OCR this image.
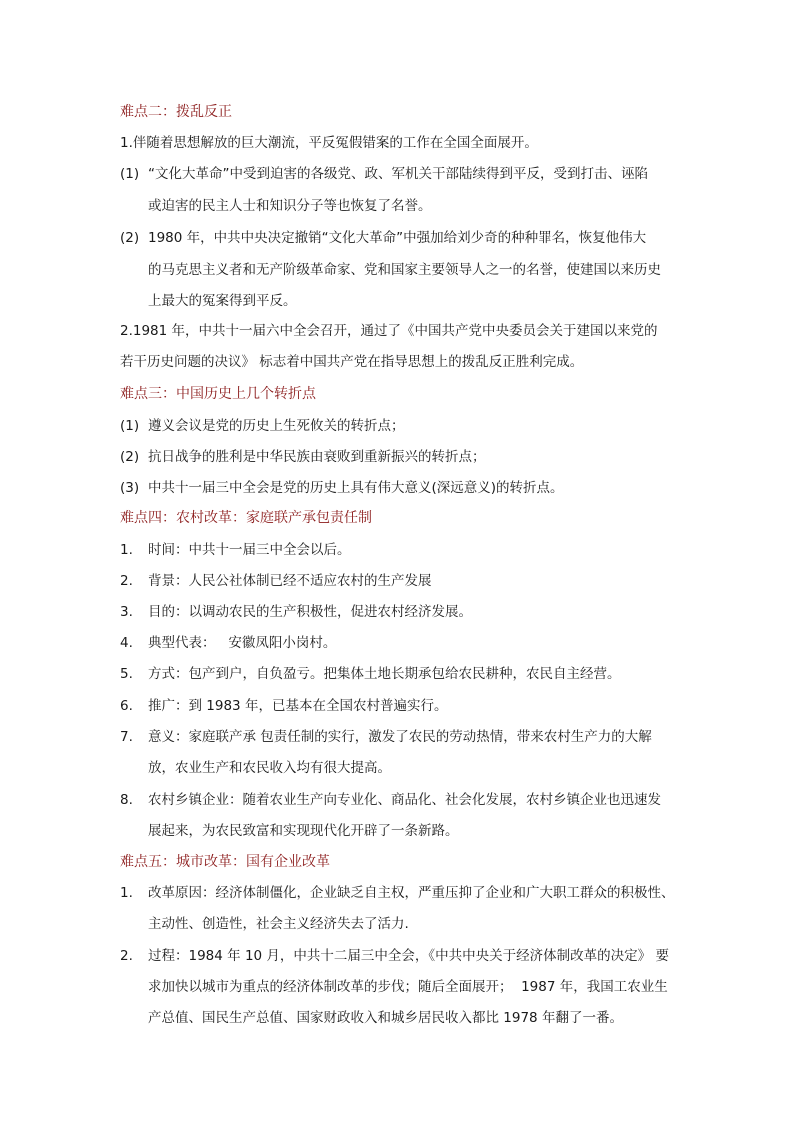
难点二：拨乱反正
1.伴随着思想解放的巨大潮流，平反冤假错案的工作在全国全面展开。
(1) “文化大革命”中受到迫害的各级党、政、军机关干部陆续得到平反，受到打击、诬陷
或迫害的民主人士和知识分子等也恢复了名誉。
(2) 1980 年，中共中央决定撤销“文化大革命”中强加给刘少奇的种种罪名，恢复他伟大
的马克思主义者和无产阶级革命家、党和国家主要领导人之一的名誉，使建国以来历史
上最大的冤案得到平反。
2.1981 年，中共十一届六中全会召开，通过了《中国共产党中央委员会关于建国以来党的
若干历史问题的决议》 标志着中国共产党在指导思想上的拨乱反正胜利完成。
难点三：中国历史上几个转折点
(1) 遵义会议是党的历史上生死攸关的转折点；
(2) 抗日战争的胜利是中华民族由衰败到重新振兴的转折点；
(3) 中共十一届三中全会是党的历史上具有伟大意义(深远意义)的转折点。
难点四：农村改革：家庭联产承包责任制
1. 时间：中共十一届三中全会以后。
2. 背景：人民公社体制已经不适应农村的生产发展
3. 目的：以调动农民的生产积极性，促进农村经济发展。
4. 典型代表：   安徽凤阳小岗村。
5. 方式：包产到户，自负盈亏。把集体土地长期承包给农民耕种，农民自主经营。
6. 推广：到 1983 年，已基本在全国农村普遍实行。
7. 意义：家庭联产承 包责任制的实行，激发了农民的劳动热情，带来农村生产力的大解
放，农业生产和农民收入均有很大提高。
8. 农村乡镇企业：随着农业生产向专业化、商品化、社会化发展，农村乡镇企业也迅速发
展起来，为农民致富和实现现代化开辟了一条新路。
难点五：城市改革：国有企业改革
1. 改革原因：经济体制僵化，企业缺乏自主权，严重压抑了企业和广大职工群众的积极性、
主动性、创造性，社会主义经济失去了活力.
2. 过程：1984 年 10 月，中共十二届三中全会，《中共中央关于经济体制改革的决定》 要
求加快以城市为重点的经济体制改革的步伐；随后全面展开；  1987 年，我国工农业生
产总值、国民生产总值、国家财政收入和城乡居民收入都比 1978 年翻了一番。
